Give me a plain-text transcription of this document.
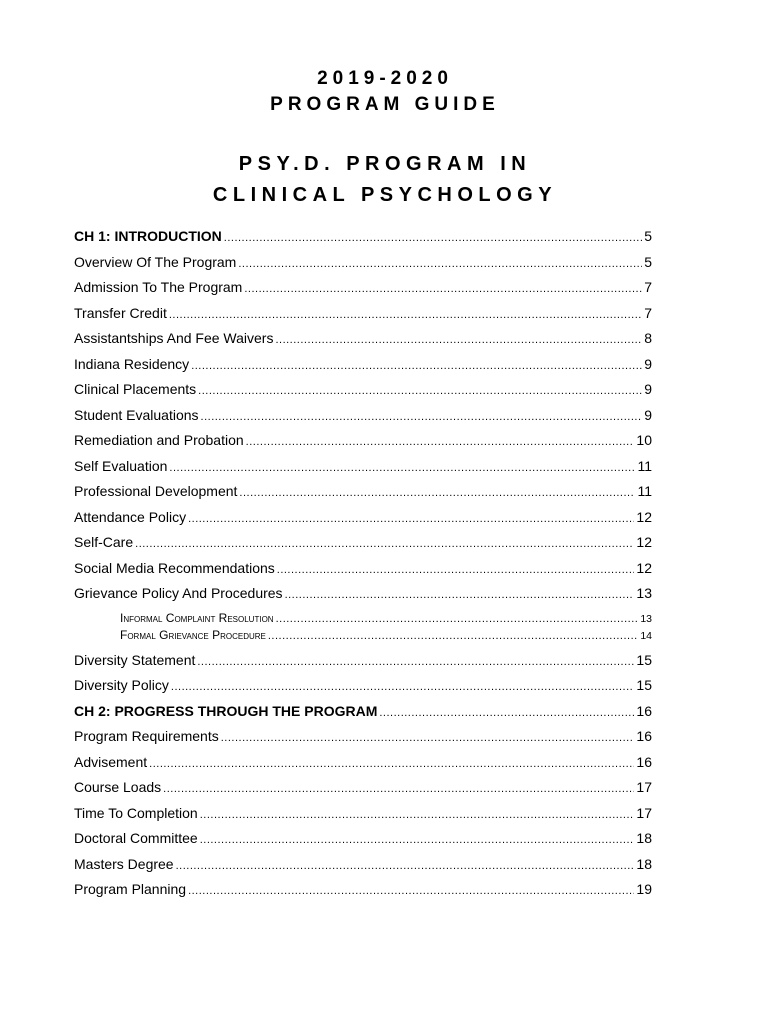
2019-2020
PROGRAM GUIDE
PSY.D. PROGRAM IN
CLINICAL PSYCHOLOGY
CH 1: INTRODUCTION .....	5
Overview Of The Program .....	5
Admission To The Program .....	7
Transfer Credit .....	7
Assistantships And Fee Waivers .....	8
Indiana Residency .....	9
Clinical Placements .....	9
Student Evaluations .....	9
Remediation and Probation .....	10
Self Evaluation .....	11
Professional Development .....	11
Attendance Policy .....	12
Self-Care .....	12
Social Media Recommendations .....	12
Grievance Policy And Procedures .....	13
Informal Complaint Resolution .....	13
Formal Grievance Procedure .....	14
Diversity Statement .....	15
Diversity Policy .....	15
CH 2: PROGRESS THROUGH THE PROGRAM .....	16
Program Requirements .....	16
Advisement .....	16
Course Loads .....	17
Time To Completion .....	17
Doctoral Committee .....	18
Masters Degree .....	18
Program Planning .....	19
